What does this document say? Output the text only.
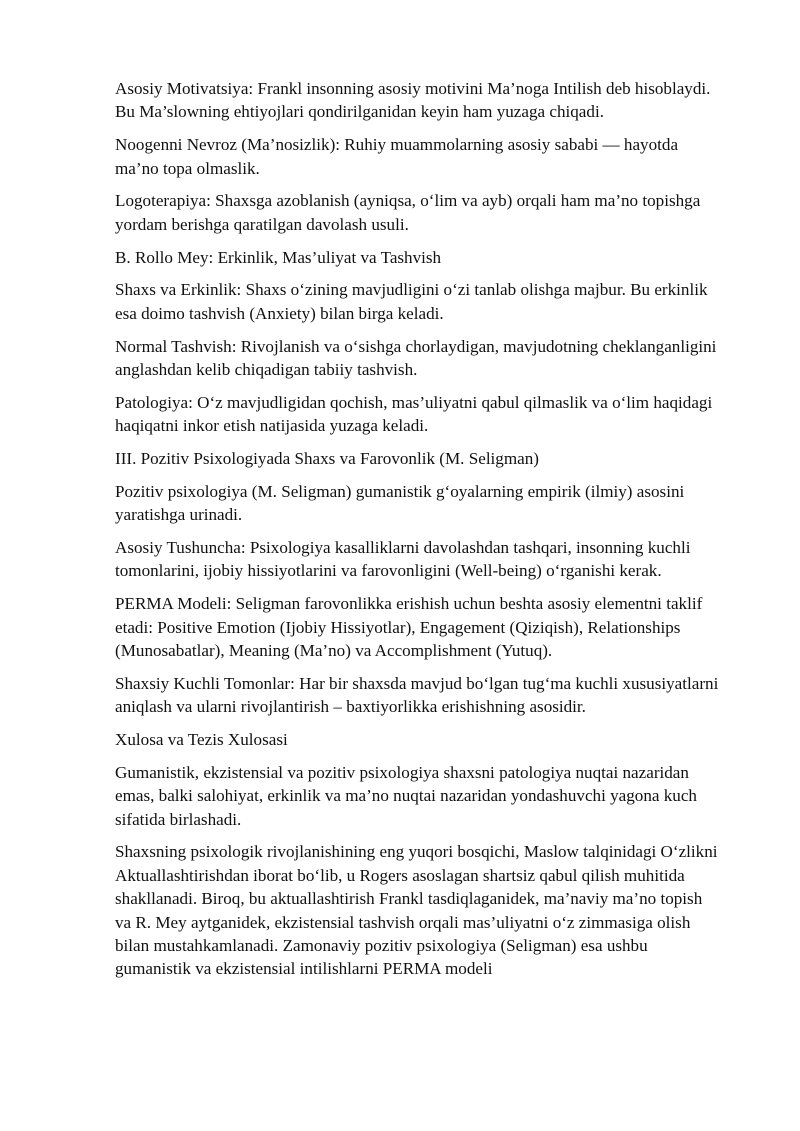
Asosiy Motivatsiya: Frankl insonning asosiy motivini Ma’noga Intilish deb hisoblaydi. Bu Ma’slowning ehtiyojlari qondirilganidan keyin ham yuzaga chiqadi.

Noogenni Nevroz (Ma’nosizlik): Ruhiy muammolarning asosiy sababi — hayotda ma’no topa olmaslik.

Logoterapiya: Shaxsga azoblanish (ayniqsa, o‘lim va ayb) orqali ham ma’no topishga yordam berishga qaratilgan davolash usuli.

B. Rollo Mey: Erkinlik, Mas’uliyat va Tashvish

Shaxs va Erkinlik: Shaxs o‘zining mavjudligini o‘zi tanlab olishga majbur. Bu erkinlik esa doimo tashvish (Anxiety) bilan birga keladi.

Normal Tashvish: Rivojlanish va o‘sishga chorlaydigan, mavjudotning cheklanganligini anglashdan kelib chiqadigan tabiiy tashvish.

Patologiya: O‘z mavjudligidan qochish, mas’uliyatni qabul qilmaslik va o‘lim haqidagi haqiqatni inkor etish natijasida yuzaga keladi.

III. Pozitiv Psixologiyada Shaxs va Farovonlik (M. Seligman)

Pozitiv psixologiya (M. Seligman) gumanistik g‘oyalarning empirik (ilmiy) asosini yaratishga urinadi.

Asosiy Tushuncha: Psixologiya kasalliklarni davolashdan tashqari, insonning kuchli tomonlarini, ijobiy hissiyotlarini va farovonligini (Well-being) o‘rganishi kerak.

PERMA Modeli: Seligman farovonlikka erishish uchun beshta asosiy elementni taklif etadi: Positive Emotion (Ijobiy Hissiyotlar), Engagement (Qiziqish), Relationships (Munosabatlar), Meaning (Ma’no) va Accomplishment (Yutuq).

Shaxsiy Kuchli Tomonlar: Har bir shaxsda mavjud bo‘lgan tug‘ma kuchli xususiyatlarni aniqlash va ularni rivojlantirish – baxtiyorlikka erishishning asosidir.

Xulosa va Tezis Xulosasi

Gumanistik, ekzistensial va pozitiv psixologiya shaxsni patologiya nuqtai nazaridan emas, balki salohiyat, erkinlik va ma’no nuqtai nazaridan yondashuvchi yagona kuch sifatida birlashadi.

Shaxsning psixologik rivojlanishining eng yuqori bosqichi, Maslow talqinidagi O‘zlikni Aktuallashtirishdan iborat bo‘lib, u Rogers asoslagan shartsiz qabul qilish muhitida shakllanadi. Biroq, bu aktuallashtirish Frankl tasdiqlaganidek, ma’naviy ma’no topish va R. Mey aytganidek, ekzistensial tashvish orqali mas’uliyatni o‘z zimmasiga olish bilan mustahkamlanadi. Zamonaviy pozitiv psixologiya (Seligman) esa ushbu gumanistik va ekzistensial intilishlarni PERMA modeli
